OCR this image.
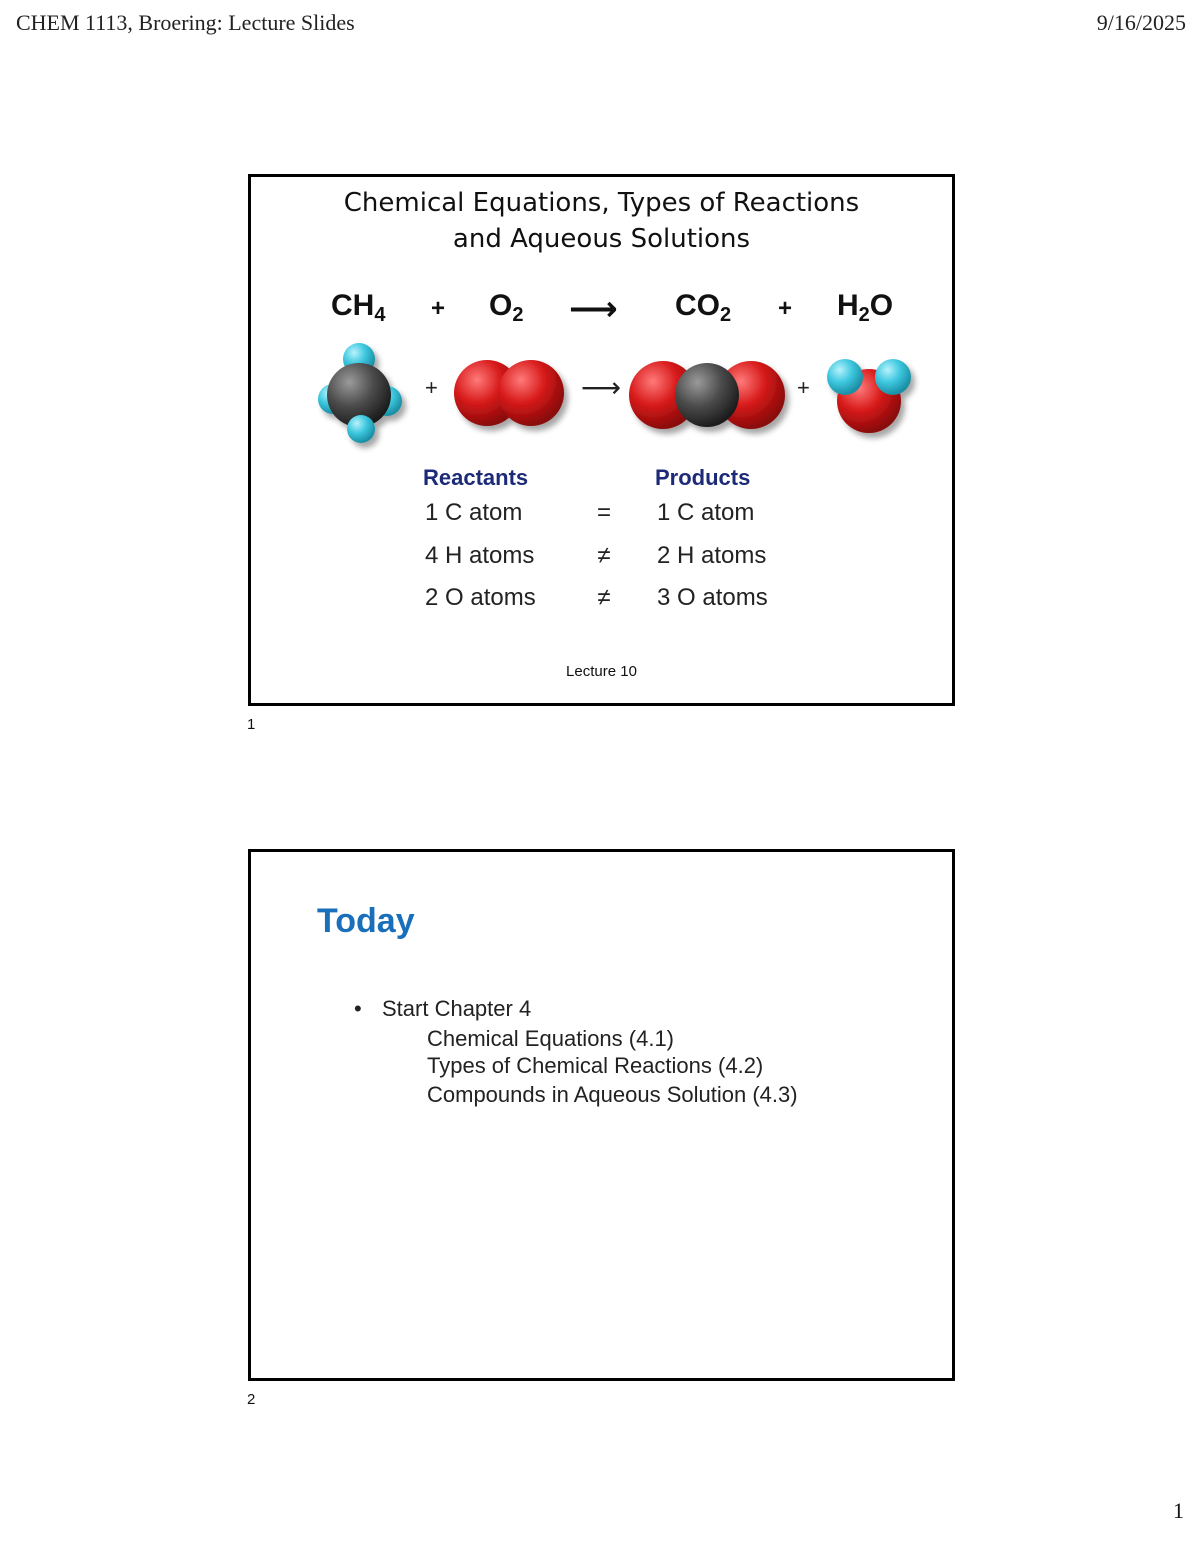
CHEM 1113, Broering: Lecture Slides	9/16/2025
Chemical Equations, Types of Reactions
and Aqueous Solutions
$CH_4 + O_2$ ⟶ $CO_2 + H_2O$
+	⟶	+
Reactants	Products
1 C atom	=	1 C atom
4 H atoms	≠	2 H atoms
2 O atoms	≠	3 O atoms
Lecture 10
1
Today
• Start Chapter 4
Chemical Equations (4.1)
Types of Chemical Reactions (4.2)
Compounds in Aqueous Solution (4.3)
2
1
